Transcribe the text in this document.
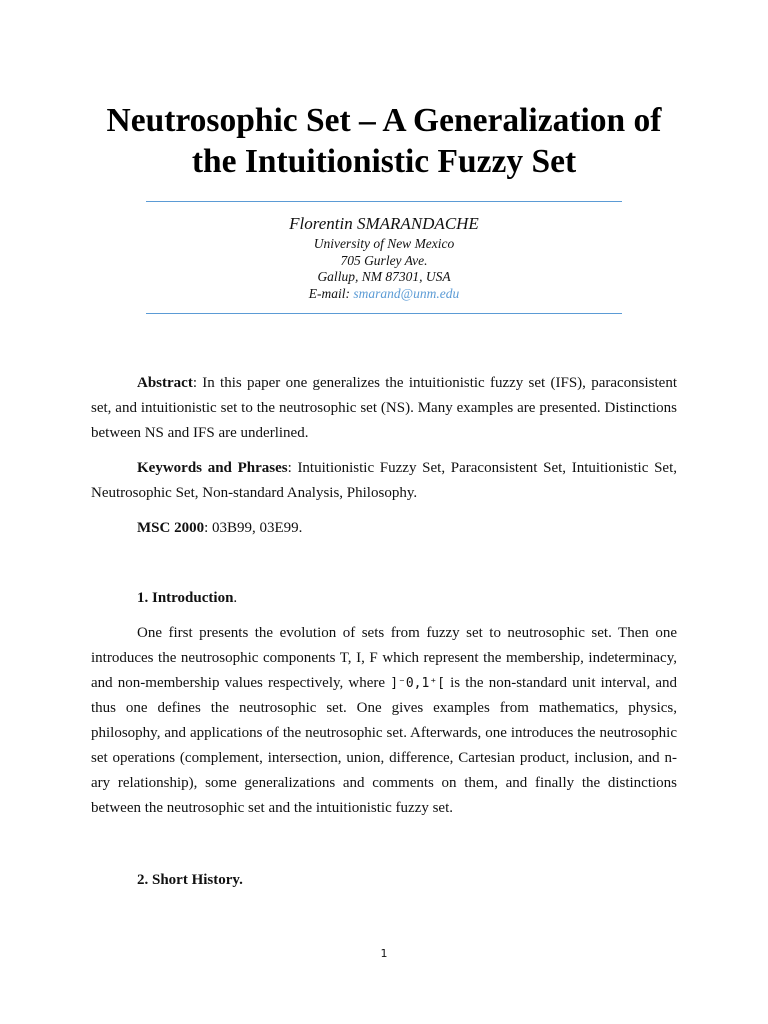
Neutrosophic Set – A Generalization of
the Intuitionistic Fuzzy Set
Florentin SMARANDACHE
University of New Mexico
705 Gurley Ave.
Gallup, NM 87301, USA
E-mail: smarand@unm.edu

Abstract: In this paper one generalizes the intuitionistic fuzzy set (IFS), paraconsistent set, and intuitionistic set to the neutrosophic set (NS). Many examples are presented. Distinctions between NS and IFS are underlined.

Keywords and Phrases: Intuitionistic Fuzzy Set, Paraconsistent Set, Intuitionistic Set, Neutrosophic Set, Non-standard Analysis, Philosophy.

MSC 2000: 03B99, 03E99.

1. Introduction.

One first presents the evolution of sets from fuzzy set to neutrosophic set. Then one introduces the neutrosophic components T, I, F which represent the membership, indeterminacy, and non-membership values respectively, where ]⁻0,1⁺[ is the non-standard unit interval, and thus one defines the neutrosophic set. One gives examples from mathematics, physics, philosophy, and applications of the neutrosophic set. Afterwards, one introduces the neutrosophic set operations (complement, intersection, union, difference, Cartesian product, inclusion, and n-ary relationship), some generalizations and comments on them, and finally the distinctions between the neutrosophic set and the intuitionistic fuzzy set.

2. Short History.

1
